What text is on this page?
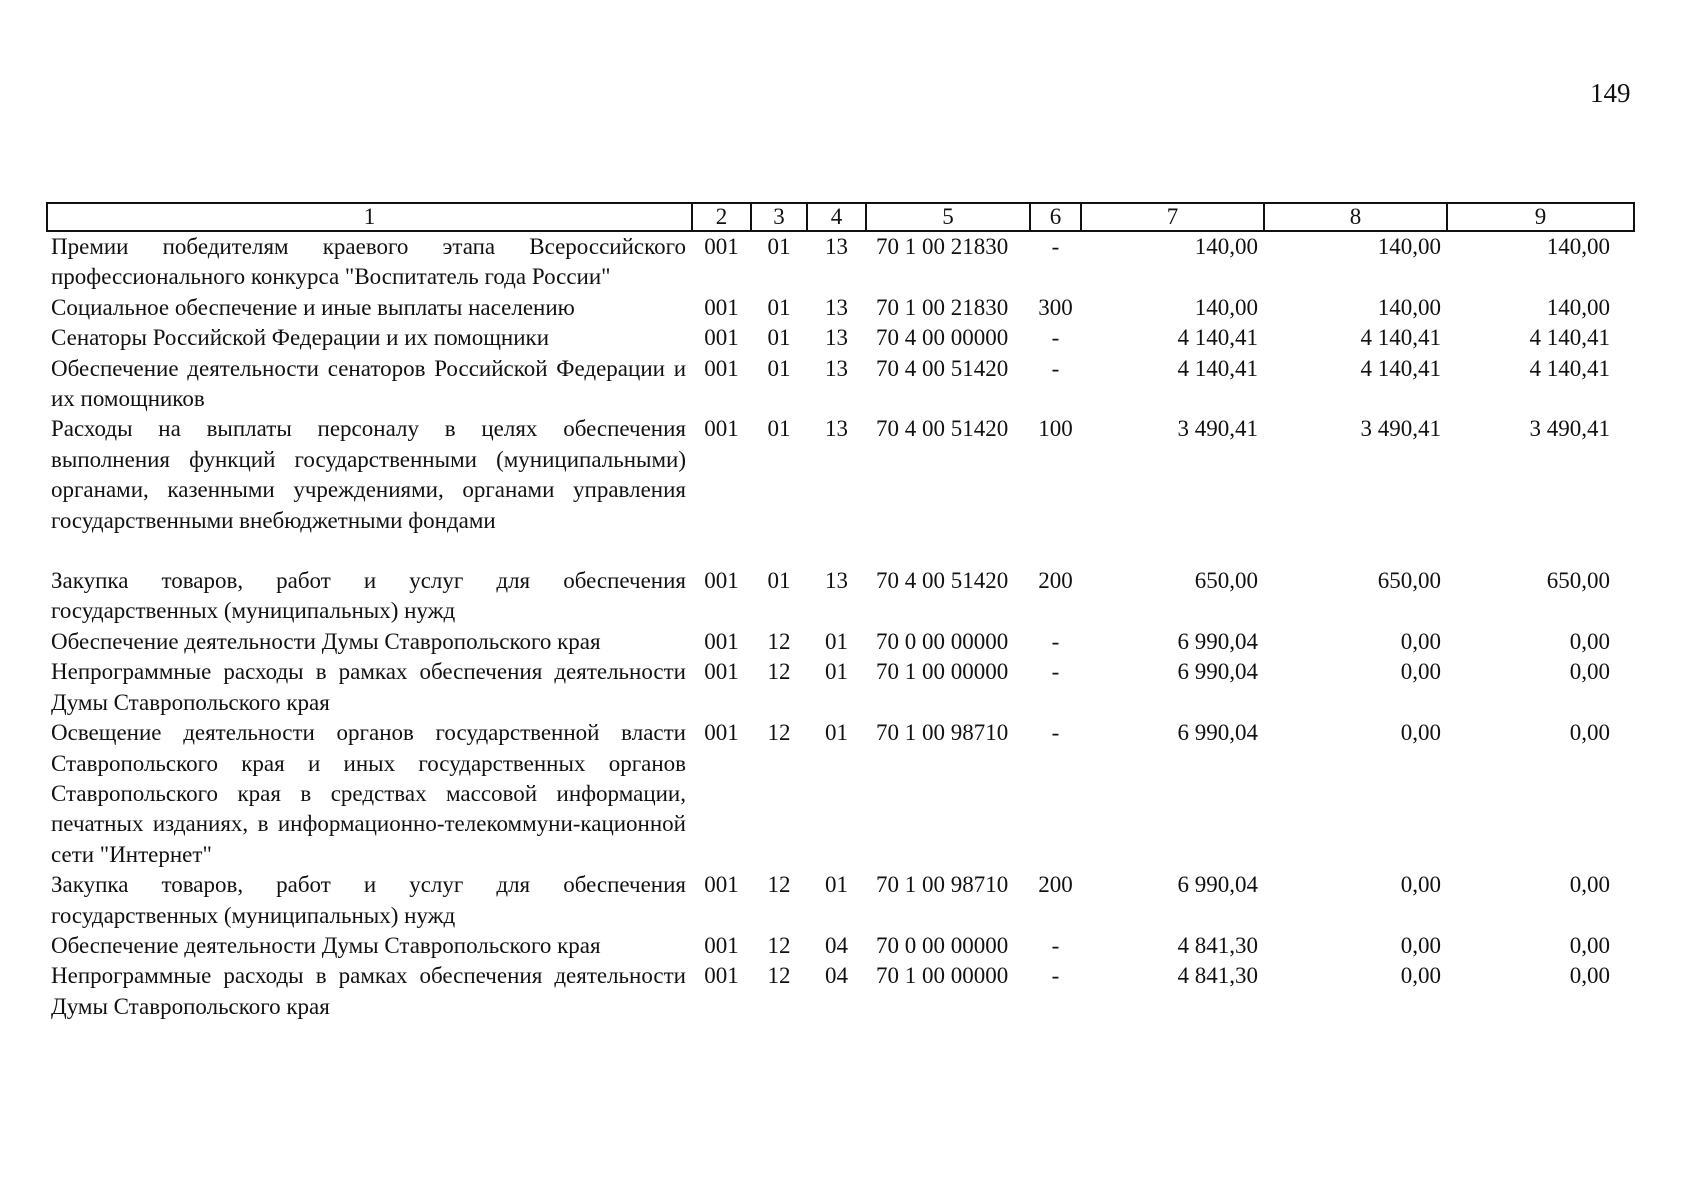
149
1	2	3	4	5	6	7	8	9
Премии победителям краевого этапа Всероссийского профессионального конкурса "Воспитатель года России"	001	01	13	70 1 00 21830	-	140,00	140,00	140,00
Социальное обеспечение и иные выплаты населению	001	01	13	70 1 00 21830	300	140,00	140,00	140,00
Сенаторы Российской Федерации и их помощники	001	01	13	70 4 00 00000	-	4 140,41	4 140,41	4 140,41
Обеспечение деятельности сенаторов Российской Федерации и их помощников	001	01	13	70 4 00 51420	-	4 140,41	4 140,41	4 140,41
Расходы на выплаты персоналу в целях обеспечения выполнения функций государственными (муниципальными) органами, казенными учреждениями, органами управления государственными внебюджетными фондами	001	01	13	70 4 00 51420	100	3 490,41	3 490,41	3 490,41
Закупка товаров, работ и услуг для обеспечения государственных (муниципальных) нужд	001	01	13	70 4 00 51420	200	650,00	650,00	650,00
Обеспечение деятельности Думы Ставропольского края	001	12	01	70 0 00 00000	-	6 990,04	0,00	0,00
Непрограммные расходы в рамках обеспечения деятельности Думы Ставропольского края	001	12	01	70 1 00 00000	-	6 990,04	0,00	0,00
Освещение деятельности органов государственной власти Ставропольского края и иных государственных органов Ставропольского края в средствах массовой информации, печатных изданиях, в информационно-телекоммуни-кационной сети "Интернет"	001	12	01	70 1 00 98710	-	6 990,04	0,00	0,00
Закупка товаров, работ и услуг для обеспечения государственных (муниципальных) нужд	001	12	01	70 1 00 98710	200	6 990,04	0,00	0,00
Обеспечение деятельности Думы Ставропольского края	001	12	04	70 0 00 00000	-	4 841,30	0,00	0,00
Непрограммные расходы в рамках обеспечения деятельности Думы Ставропольского края	001	12	04	70 1 00 00000	-	4 841,30	0,00	0,00
